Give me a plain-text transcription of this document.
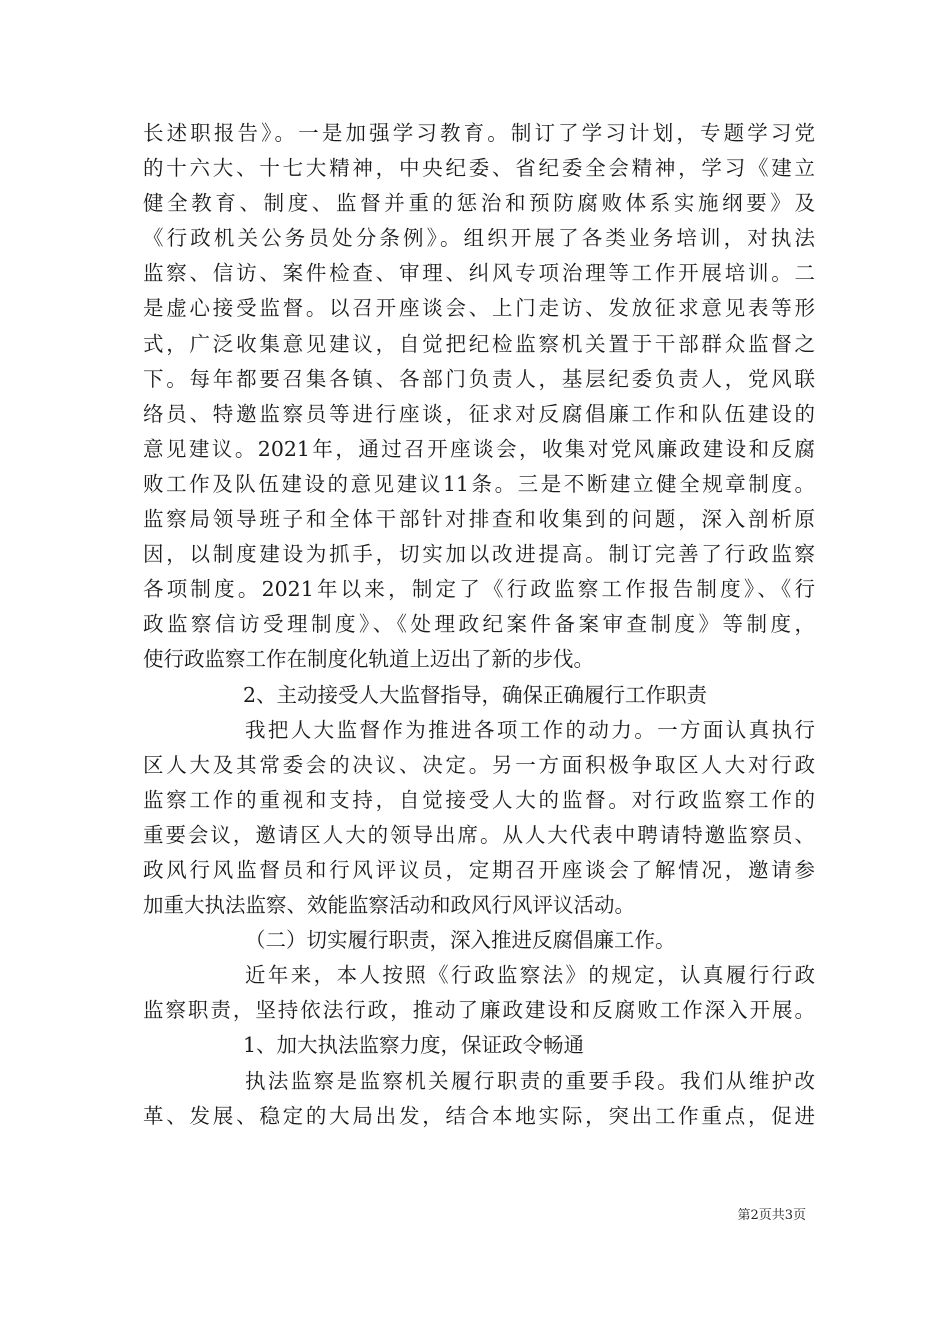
长述职报告》。一是加强学习教育。制订了学习计划，专题学习党

的十六大、十七大精神，中央纪委、省纪委全会精神，学习《建立

健全教育、制度、监督并重的惩治和预防腐败体系实施纲要》及

《行政机关公务员处分条例》。组织开展了各类业务培训，对执法

监察、信访、案件检查、审理、纠风专项治理等工作开展培训。二

是虚心接受监督。以召开座谈会、上门走访、发放征求意见表等形

式，广泛收集意见建议，自觉把纪检监察机关置于干部群众监督之

下。每年都要召集各镇、各部门负责人，基层纪委负责人，党风联

络员、特邀监察员等进行座谈，征求对反腐倡廉工作和队伍建设的

意见建议。2021年，通过召开座谈会，收集对党风廉政建设和反腐

败工作及队伍建设的意见建议11条。三是不断建立健全规章制度。

监察局领导班子和全体干部针对排查和收集到的问题，深入剖析原

因，以制度建设为抓手，切实加以改进提高。制订完善了行政监察

各项制度。2021年以来，制定了《行政监察工作报告制度》、《行

政监察信访受理制度》、《处理政纪案件备案审查制度》等制度，

使行政监察工作在制度化轨道上迈出了新的步伐。

2、主动接受人大监督指导，确保正确履行工作职责

我把人大监督作为推进各项工作的动力。一方面认真执行

区人大及其常委会的决议、决定。另一方面积极争取区人大对行政

监察工作的重视和支持，自觉接受人大的监督。对行政监察工作的

重要会议，邀请区人大的领导出席。从人大代表中聘请特邀监察员、

政风行风监督员和行风评议员，定期召开座谈会了解情况，邀请参

加重大执法监察、效能监察活动和政风行风评议活动。

（二）切实履行职责，深入推进反腐倡廉工作。

近年来，本人按照《行政监察法》的规定，认真履行行政

监察职责，坚持依法行政，推动了廉政建设和反腐败工作深入开展。

1、加大执法监察力度，保证政令畅通

执法监察是监察机关履行职责的重要手段。我们从维护改

革、发展、稳定的大局出发，结合本地实际，突出工作重点，促进

第2页共3页
